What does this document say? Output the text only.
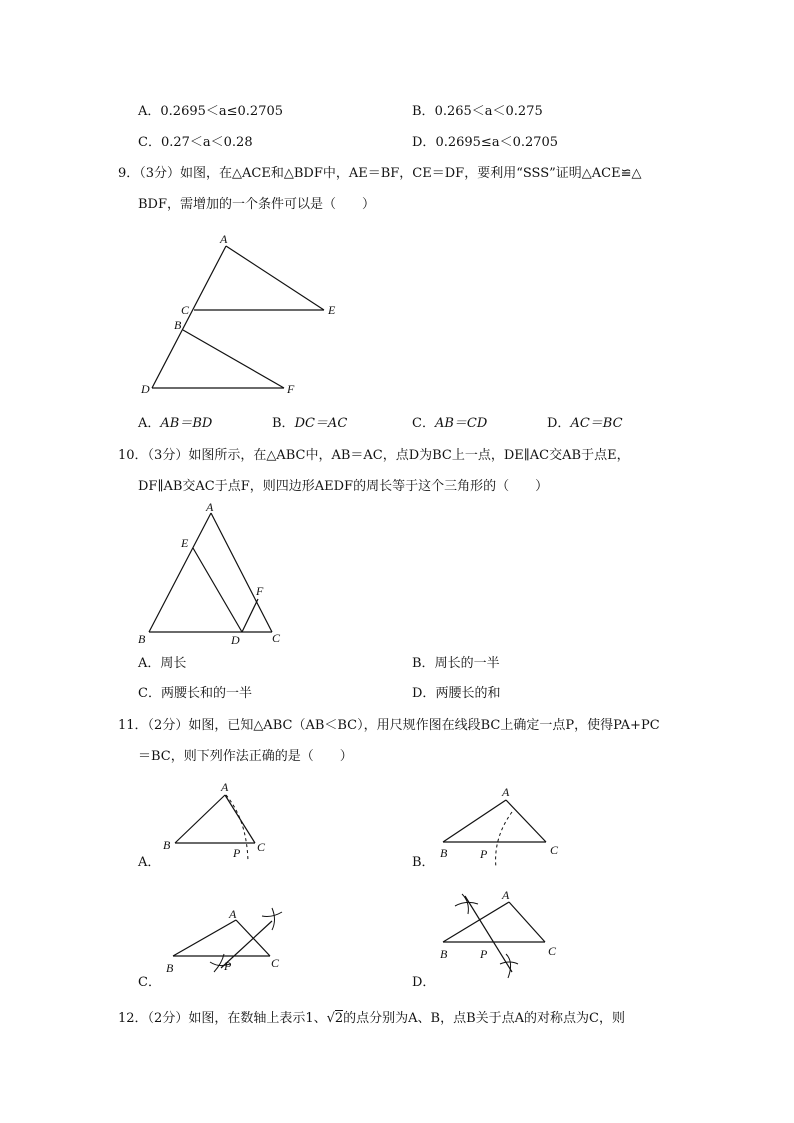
A．0.2695＜a≤0.2705	B．0.265＜a＜0.275
C．0.27＜a＜0.28	D．0.2695≤a＜0.2705
9．（3分）如图，在△ACE和△BDF中，AE＝BF，CE＝DF，要利用“SSS”证明△ACE≌△
BDF，需增加的一个条件可以是（　　）
A
C	E
B
D	F
A．AB＝BD	B．DC＝AC	C．AB＝CD	D．AC＝BC
10．（3分）如图所示，在△ABC中，AB＝AC，点D为BC上一点，DE∥AC交AB于点E，
DF∥AB交AC于点F，则四边形AEDF的周长等于这个三角形的（　　）
A
E
F
B	D	C
A．周长	B．周长的一半
C．两腰长和的一半	D．两腰长的和
11．（2分）如图，已知△ABC（AB＜BC），用尺规作图在线段BC上确定一点P，使得PA+PC
＝BC，则下列作法正确的是（　　）
A
B
P C
A
B	P	C
A
B	P	C
A
B	P	C
A．	B．
C．	D．
12．（2分）如图，在数轴上表示1、√2的点分别为A、B，点B关于点A的对称点为C，则
